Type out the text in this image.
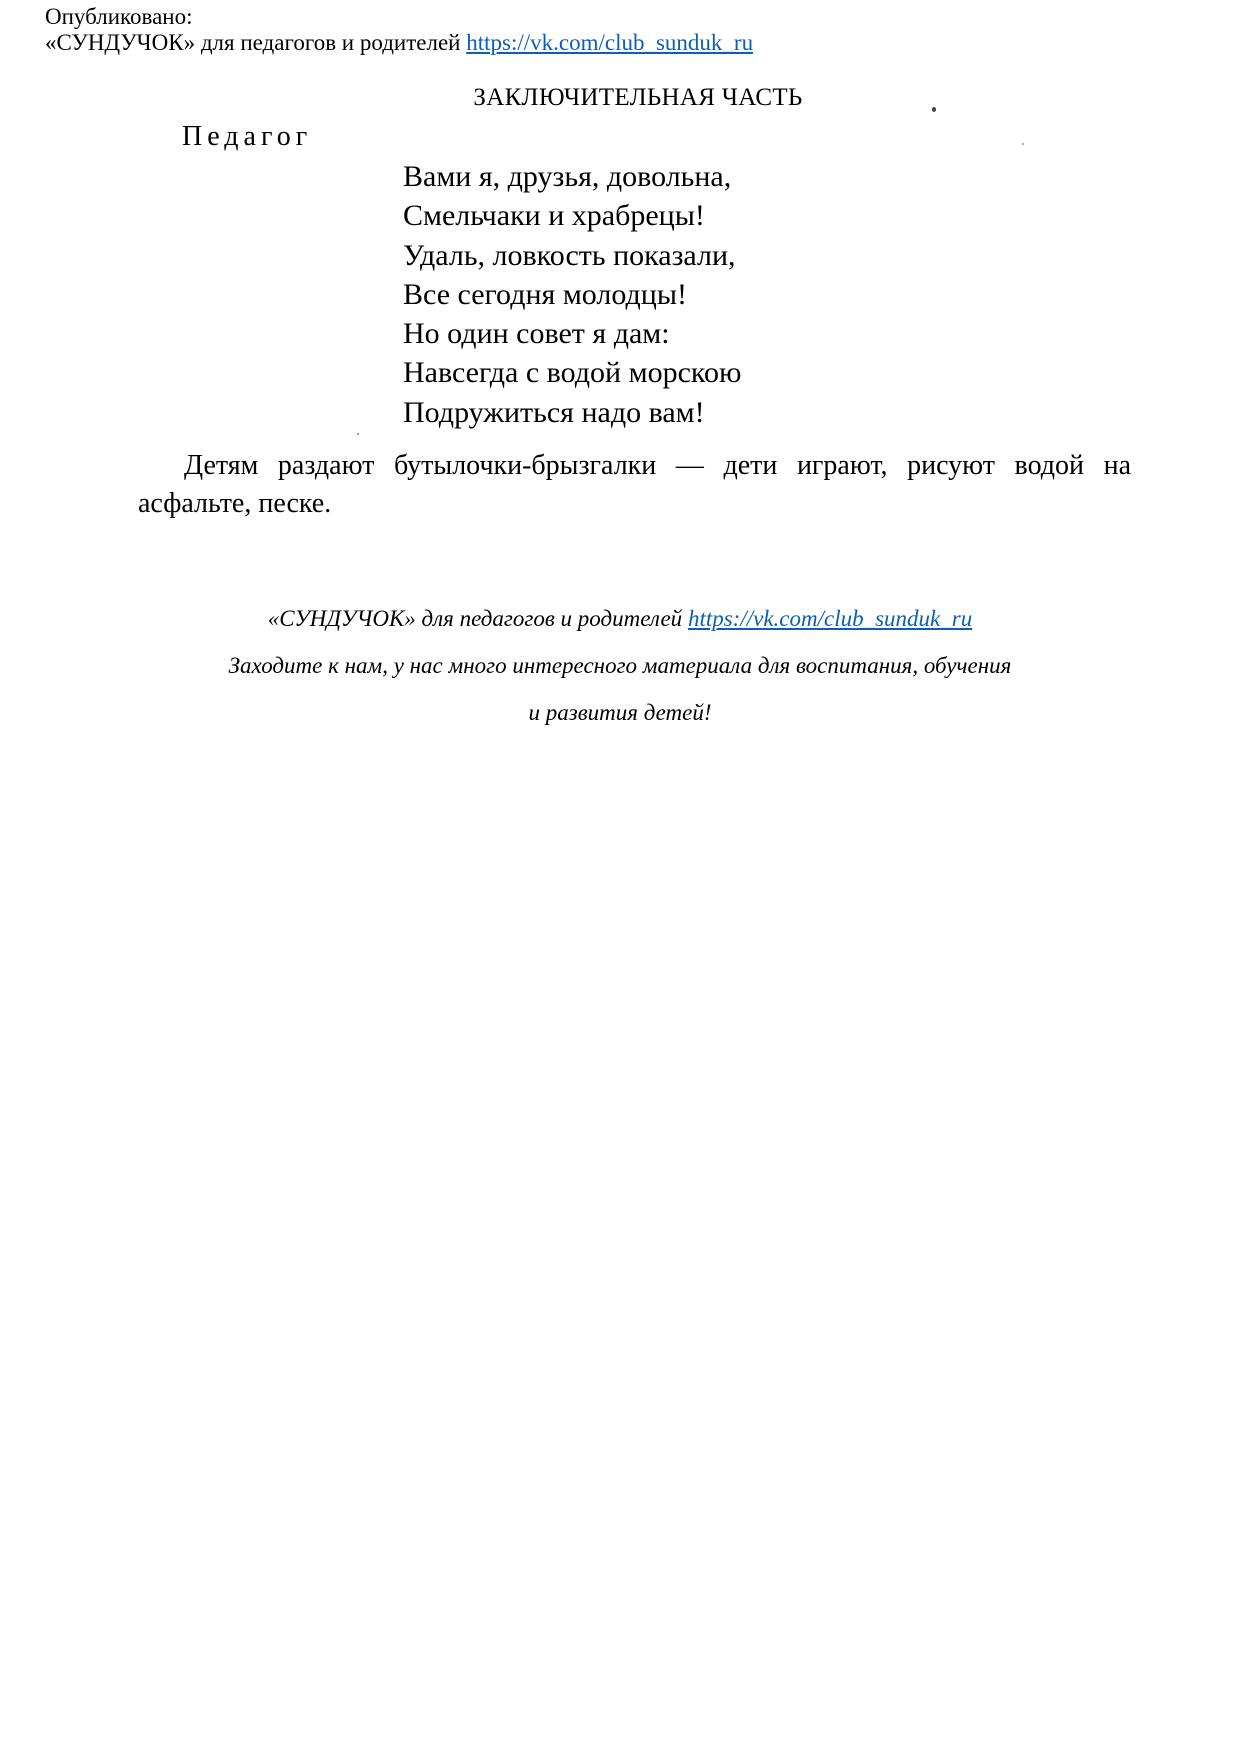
Опубликовано:
«СУНДУЧОК» для педагогов и родителей https://vk.com/club_sunduk_ru
ЗАКЛЮЧИТЕЛЬНАЯ ЧАСТЬ
Педагог
Вами я, друзья, довольна,
Смельчаки и храбрецы!
Удаль, ловкость показали,
Все сегодня молодцы!
Но один совет я дам:
Навсегда с водой морскою
Подружиться надо вам!
Детям раздают бутылочки-брызгалки — дети играют, рисуют водой на асфальте, песке.
«СУНДУЧОК» для педагогов и родителей https://vk.com/club_sunduk_ru
Заходите к нам, у нас много интересного материала для воспитания, обучения
и развития детей!
